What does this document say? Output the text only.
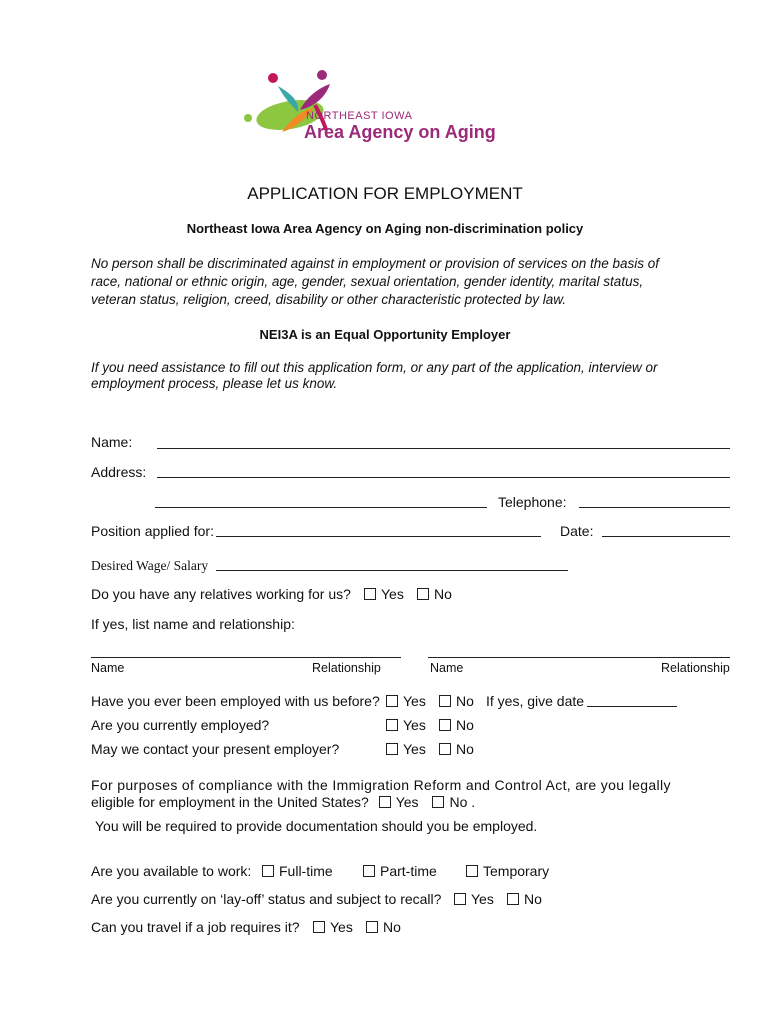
NORTHEAST IOWA
Area Agency on Aging
APPLICATION FOR EMPLOYMENT
Northeast Iowa Area Agency on Aging non-discrimination policy
No person shall be discriminated against in employment or provision of services on the basis of
race, national or ethnic origin, age, gender, sexual orientation, gender identity, marital status,
veteran status, religion, creed, disability or other characteristic protected by law.
NEI3A is an Equal Opportunity Employer
If you need assistance to fill out this application form, or any part of the application, interview or
employment process, please let us know.
Name:
Address:
Telephone:
Position applied for:	Date:
Desired Wage/ Salary
Do you have any relatives working for us?	Yes	No
If yes, list name and relationship:
Name	Relationship	Name	Relationship
Have you ever been employed with us before?	Yes	No If yes, give date
Are you currently employed?	Yes	No
May we contact your present employer?	Yes	No
For purposes of compliance with the Immigration Reform and Control Act, are you legally
eligible for employment in the United States? Yes No .
You will be required to provide documentation should you be employed.
Are you available to work:	Full-time	Part-time	Temporary
Are you currently on ‘lay-off’ status and subject to recall?	Yes	No
Can you travel if a job requires it?	Yes	No
